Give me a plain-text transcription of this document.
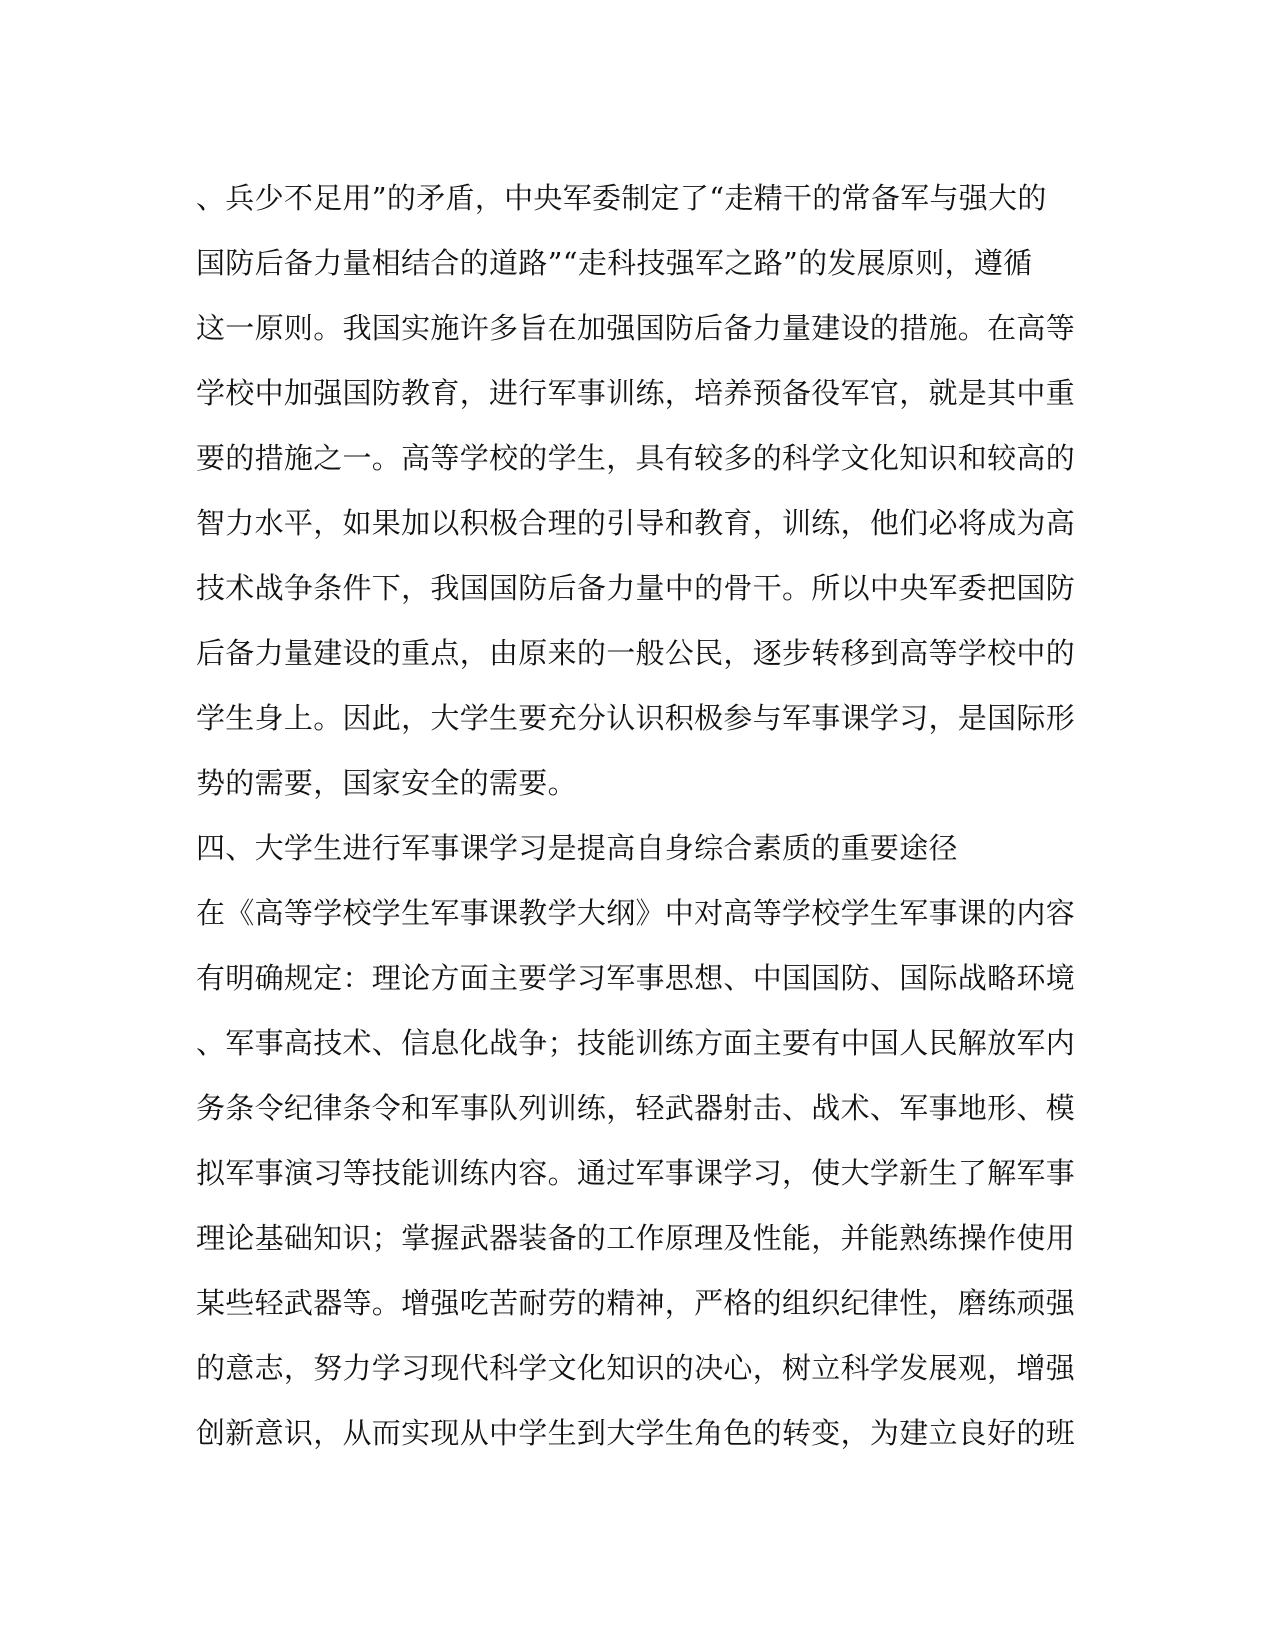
、兵少不足用”的矛盾，中央军委制定了“走精干的常备军与强大的
国防后备力量相结合的道路”“走科技强军之路”的发展原则，遵循
这一原则。我国实施许多旨在加强国防后备力量建设的措施。在高等
学校中加强国防教育，进行军事训练，培养预备役军官，就是其中重
要的措施之一。高等学校的学生，具有较多的科学文化知识和较高的
智力水平，如果加以积极合理的引导和教育，训练，他们必将成为高
技术战争条件下，我国国防后备力量中的骨干。所以中央军委把国防
后备力量建设的重点，由原来的一般公民，逐步转移到高等学校中的
学生身上。因此，大学生要充分认识积极参与军事课学习，是国际形
势的需要，国家安全的需要。
四、大学生进行军事课学习是提高自身综合素质的重要途径
在《高等学校学生军事课教学大纲》中对高等学校学生军事课的内容
有明确规定：理论方面主要学习军事思想、中国国防、国际战略环境
、军事高技术、信息化战争；技能训练方面主要有中国人民解放军内
务条令纪律条令和军事队列训练，轻武器射击、战术、军事地形、模
拟军事演习等技能训练内容。通过军事课学习，使大学新生了解军事
理论基础知识；掌握武器装备的工作原理及性能，并能熟练操作使用
某些轻武器等。增强吃苦耐劳的精神，严格的组织纪律性，磨练顽强
的意志，努力学习现代科学文化知识的决心，树立科学发展观，增强
创新意识，从而实现从中学生到大学生角色的转变，为建立良好的班
